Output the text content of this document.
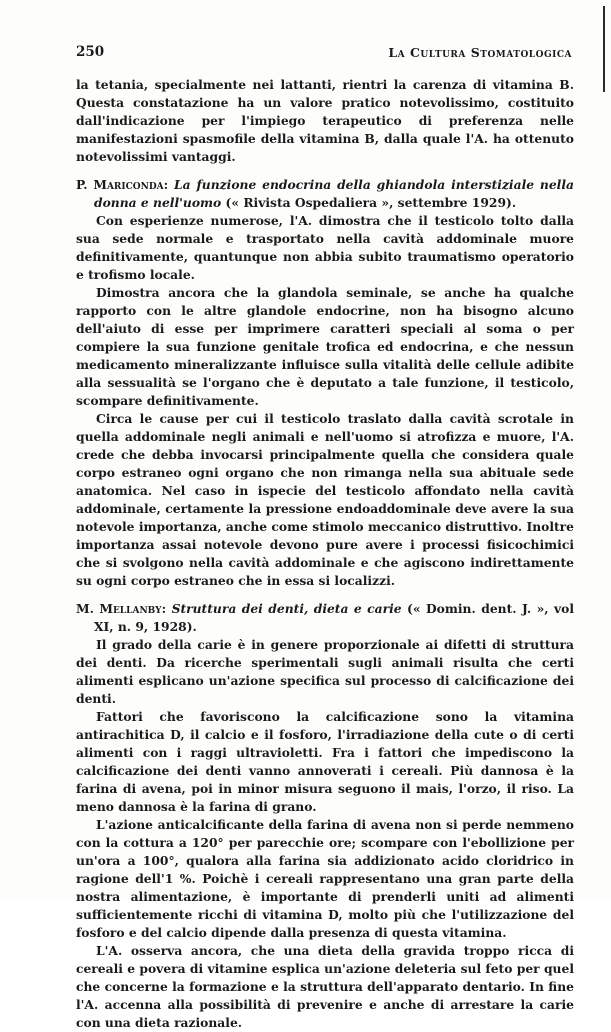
250	La Cultura Stomatologica

la tetania, specialmente nei lattanti, rientri la carenza di vitamina B. Questa constatazione ha un valore pratico notevolissimo, costituito dall'indicazione per l'impiego terapeutico di preferenza nelle manifestazioni spasmofile della vitamina B, dalla quale l'A. ha ottenuto notevolissimi vantaggi.

P. Mariconda: La funzione endocrina della ghiandola interstiziale nella donna e nell'uomo (« Rivista Ospedaliera », settembre 1929).

Con esperienze numerose, l'A. dimostra che il testicolo tolto dalla sua sede normale e trasportato nella cavità addominale muore definitivamente, quantunque non abbia subito traumatismo operatorio e trofismo locale.

Dimostra ancora che la glandola seminale, se anche ha qualche rapporto con le altre glandole endocrine, non ha bisogno alcuno dell'aiuto di esse per imprimere caratteri speciali al soma o per compiere la sua funzione genitale trofica ed endocrina, e che nessun medicamento mineralizzante influisce sulla vitalità delle cellule adibite alla sessualità se l'organo che è deputato a tale funzione, il testicolo, scompare definitivamente.

Circa le cause per cui il testicolo traslato dalla cavità scrotale in quella addominale negli animali e nell'uomo si atrofizza e muore, l'A. crede che debba invocarsi principalmente quella che considera quale corpo estraneo ogni organo che non rimanga nella sua abituale sede anatomica. Nel caso in ispecie del testicolo affondato nella cavità addominale, certamente la pressione endoaddominale deve avere la sua notevole importanza, anche come stimolo meccanico distruttivo. Inoltre importanza assai notevole devono pure avere i processi fisicochimici che si svolgono nella cavità addominale e che agiscono indirettamente su ogni corpo estraneo che in essa si localizzi.

M. Mellanby: Struttura dei denti, dieta e carie (« Domin. dent. J. », vol XI, n. 9, 1928).

Il grado della carie è in genere proporzionale ai difetti di struttura dei denti. Da ricerche sperimentali sugli animali risulta che certi alimenti esplicano un'azione specifica sul processo di calcificazione dei denti.

Fattori che favoriscono la calcificazione sono la vitamina antirachitica D, il calcio e il fosforo, l'irradiazione della cute o di certi alimenti con i raggi ultravioletti. Fra i fattori che impediscono la calcificazione dei denti vanno annoverati i cereali. Più dannosa è la farina di avena, poi in minor misura seguono il mais, l'orzo, il riso. La meno dannosa è la farina di grano.

L'azione anticalcificante della farina di avena non si perde nemmeno con la cottura a 120° per parecchie ore; scompare con l'ebollizione per un'ora a 100°, qualora alla farina sia addizionato acido cloridrico in ragione dell'1 %. Poichè i cereali rappresentano una gran parte della nostra alimentazione, è importante di prenderli uniti ad alimenti sufficientemente ricchi di vitamina D, molto più che l'utilizzazione del fosforo e del calcio dipende dalla presenza di questa vitamina.

L'A. osserva ancora, che una dieta della gravida troppo ricca di cereali e povera di vitamine esplica un'azione deleteria sul feto per quel che concerne la formazione e la struttura dell'apparato dentario. In fine l'A. accenna alla possibilità di prevenire e anche di arrestare la carie con una dieta razionale.
